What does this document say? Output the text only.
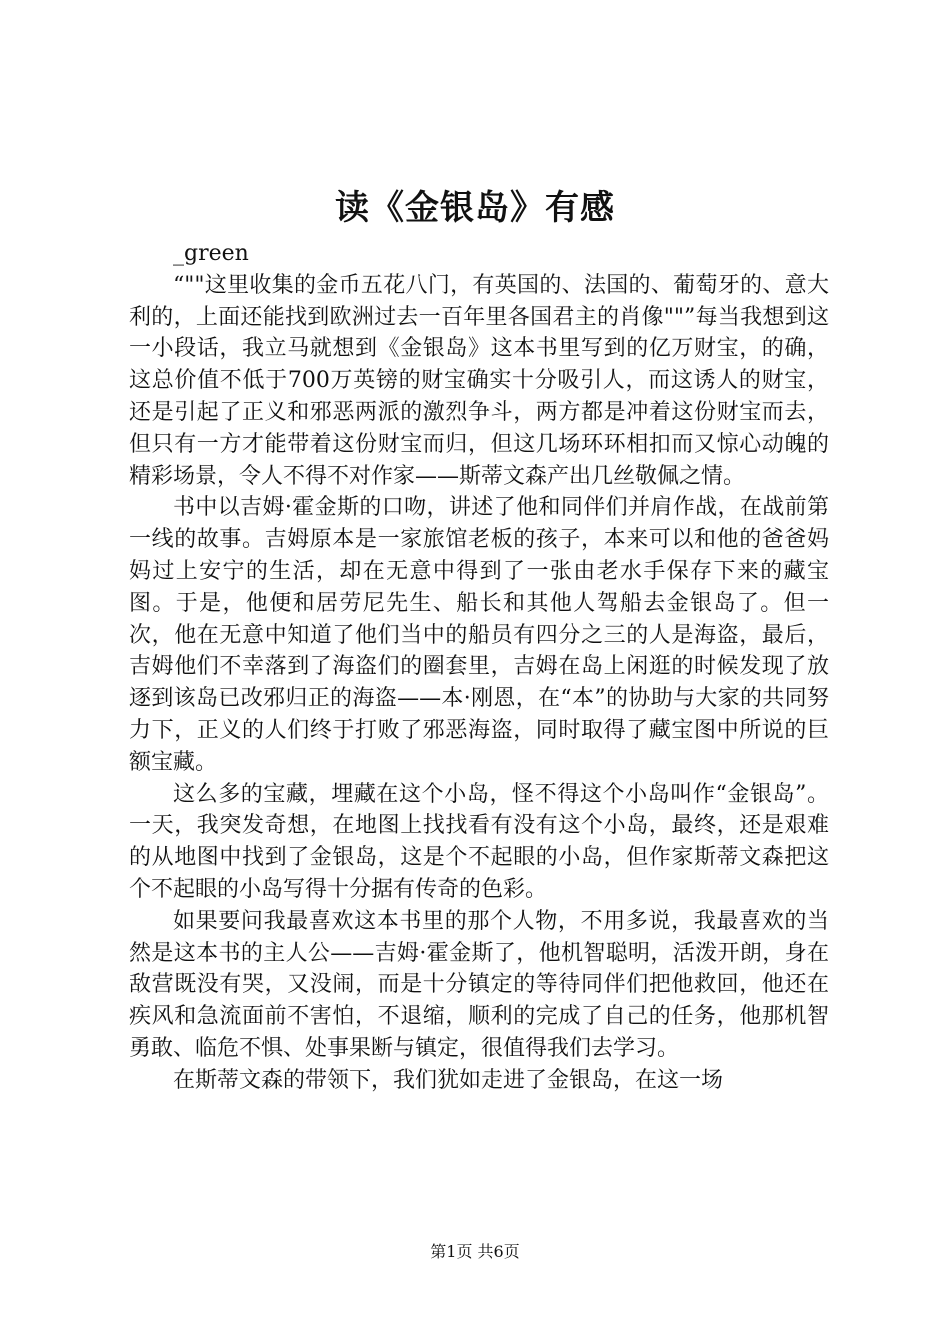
读《金银岛》有感

_green

“""这里收集的金币五花八门，有英国的、法国的、葡萄牙的、意大利的，上面还能找到欧洲过去一百年里各国君主的肖像""”每当我想到这一小段话，我立马就想到《金银岛》这本书里写到的亿万财宝，的确，这总价值不低于700万英镑的财宝确实十分吸引人，而这诱人的财宝，还是引起了正义和邪恶两派的激烈争斗，两方都是冲着这份财宝而去，但只有一方才能带着这份财宝而归，但这几场环环相扣而又惊心动魄的精彩场景，令人不得不对作家——斯蒂文森产出几丝敬佩之情。

书中以吉姆·霍金斯的口吻，讲述了他和同伴们并肩作战，在战前第一线的故事。吉姆原本是一家旅馆老板的孩子，本来可以和他的爸爸妈妈过上安宁的生活，却在无意中得到了一张由老水手保存下来的藏宝图。于是，他便和居劳尼先生、船长和其他人驾船去金银岛了。但一次，他在无意中知道了他们当中的船员有四分之三的人是海盗，最后，吉姆他们不幸落到了海盗们的圈套里，吉姆在岛上闲逛的时候发现了放逐到该岛已改邪归正的海盗——本·刚恩，在“本”的协助与大家的共同努力下，正义的人们终于打败了邪恶海盗，同时取得了藏宝图中所说的巨额宝藏。

这么多的宝藏，埋藏在这个小岛，怪不得这个小岛叫作“金银岛”。一天，我突发奇想，在地图上找找看有没有这个小岛，最终，还是艰难的从地图中找到了金银岛，这是个不起眼的小岛，但作家斯蒂文森把这个不起眼的小岛写得十分据有传奇的色彩。

如果要问我最喜欢这本书里的那个人物，不用多说，我最喜欢的当然是这本书的主人公——吉姆·霍金斯了，他机智聪明，活泼开朗，身在敌营既没有哭，又没闹，而是十分镇定的等待同伴们把他救回，他还在疾风和急流面前不害怕，不退缩，顺利的完成了自己的任务，他那机智勇敢、临危不惧、处事果断与镇定，很值得我们去学习。

在斯蒂文森的带领下，我们犹如走进了金银岛，在这一场

第1页 共6页
